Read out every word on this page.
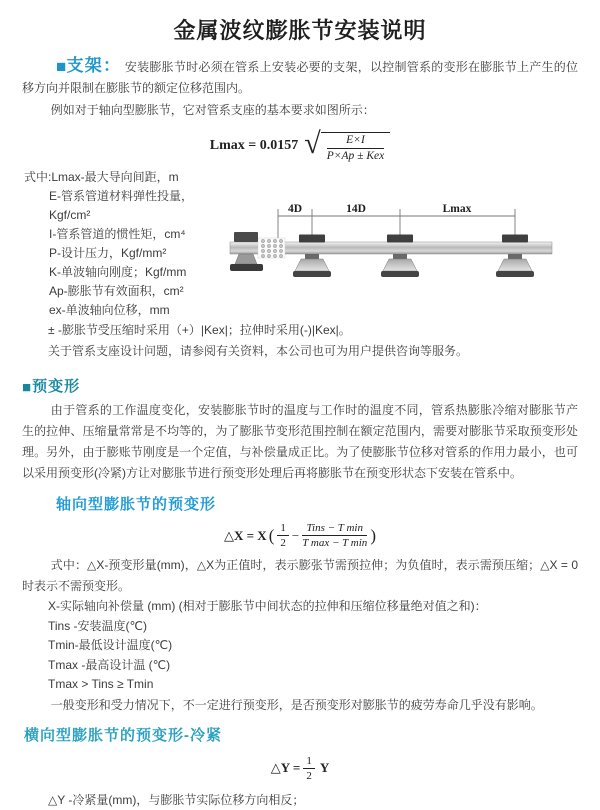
金属波纹膨胀节安装说明

■支架： 安装膨胀节时必须在管系上安装必要的支架，以控制管系的变形在膨胀节上产生的位移方向并限制在膨胀节的额定位移范围内。

例如对于轴向型膨胀节，它对管系支座的基本要求如图所示：

Lmax = 0.0157 √ $\frac{E\times I}{\text{P×Ap ± Kex}}$
式中:Lmax-最大导向间距，m
E-管系管道材料弹性投量，Kgf/cm²
I-管系管道的惯性矩，cm⁴
P-设计压力，Kgf/mm²
K-单波轴向刚度；Kgf/mm
Ap-膨胀节有效面积，cm²
ex-单波轴向位移，mm
4D	14D	Lmax

± -膨胀节受压缩时采用（+）|Kex|；拉伸时采用(-)|Kex|。

关于管系支座设计问题，请参阅有关资料，本公司也可为用户提供咨询等服务。

■预变形

由于管系的工作温度变化，安装膨胀节时的温度与工作时的温度不同，管系热膨胀冷缩对膨胀节产生的拉伸、压缩量常常是不均等的，为了膨胀节变形范围控制在额定范围内，需要对膨胀节采取预变形处理。另外，由于膨账节刚度是一个定值，与补偿量成正比。为了使膨胀节位移对管系的作用力最小，也可以采用预变形(冷紧)方让对膨胀节进行预变形处理后再将膨胀节在预变形状态下安装在管系中。

轴向型膨胀节的预变形
△X = X ( $\frac{1}{2} - \frac{\text{Tins − T min}}{\text{T max − T min}}$ )

式中：△X-预变形量(mm)，△X为正值时，表示膨张节需预拉伸；为负值时，表示需预压缩；△X = 0时表示不需预变形。

X-实际轴向补偿量 (mm) (相对于膨胀节中间状态的拉伸和压缩位移量绝对值之和)：
Tins -安装温度(℃)
Tmin-最低设计温度(℃)
Tmax -最高设计温 (℃)
Tmax > Tins ≥ Tmin

一般变形和受力情况下，不一定进行预变形，是否预变形对膨胀节的疲劳寿命几乎没有影响。

横向型膨胀节的预变形-冷紧
△Y = $\frac{1}{2}$ Y

△Y -冷紧量(mm)，与膨胀节实际位移方向相反；
